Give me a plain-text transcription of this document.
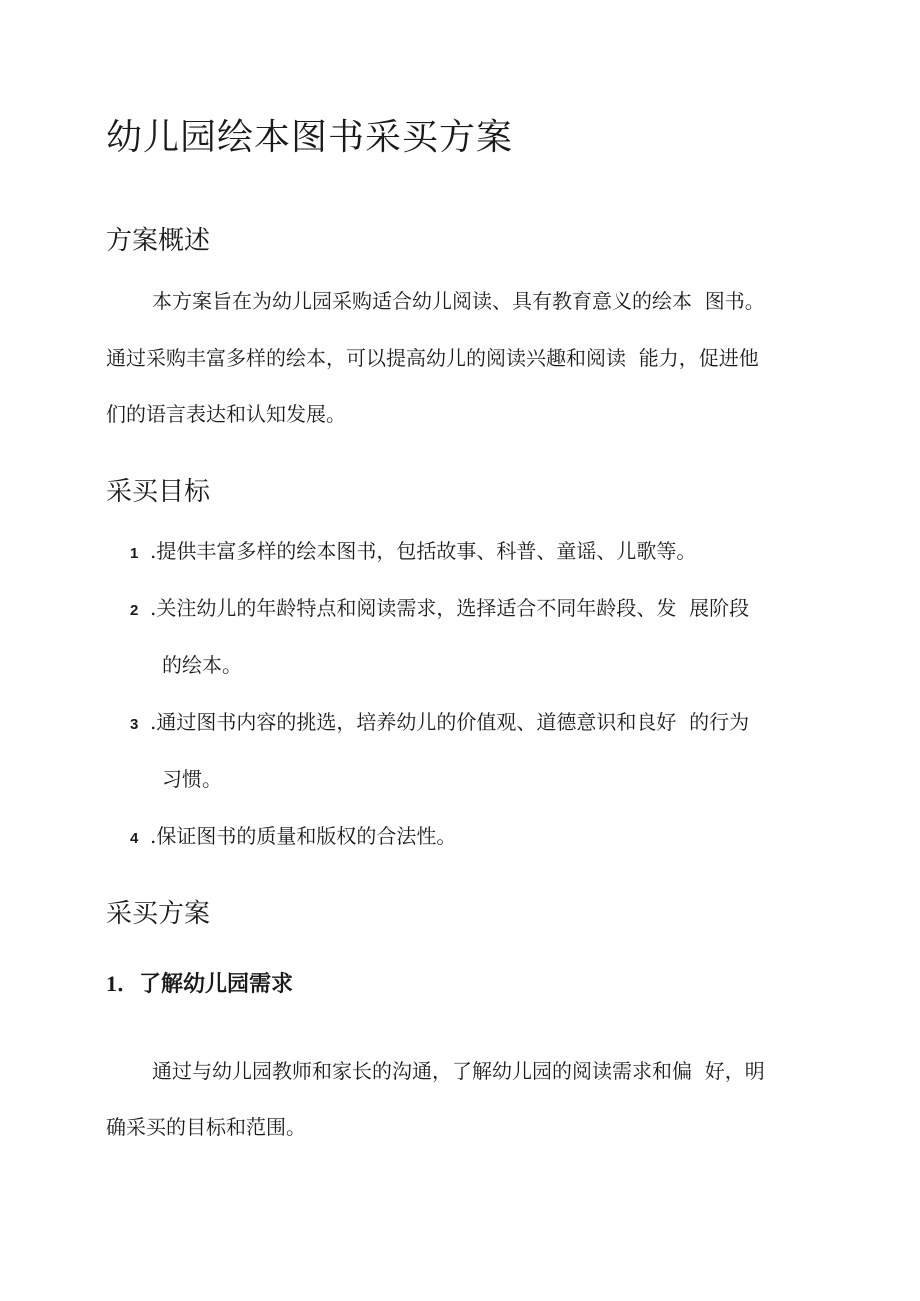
幼儿园绘本图书采买方案
方案概述

本方案旨在为幼儿园采购适合幼儿阅读、具有教育意义的绘本  图书。

通过采购丰富多样的绘本，可以提高幼儿的阅读兴趣和阅读  能力，促进他

们的语言表达和认知发展。

采买目标

1 .提供丰富多样的绘本图书，包括故事、科普、童谣、儿歌等。

2 .关注幼儿的年龄特点和阅读需求，选择适合不同年龄段、发  展阶段

的绘本。

3 .通过图书内容的挑选，培养幼儿的价值观、道德意识和良好  的行为

习惯。

4 .保证图书的质量和版权的合法性。

采买方案
1．了解幼儿园需求

通过与幼儿园教师和家长的沟通，了解幼儿园的阅读需求和偏  好，明

确采买的目标和范围。
